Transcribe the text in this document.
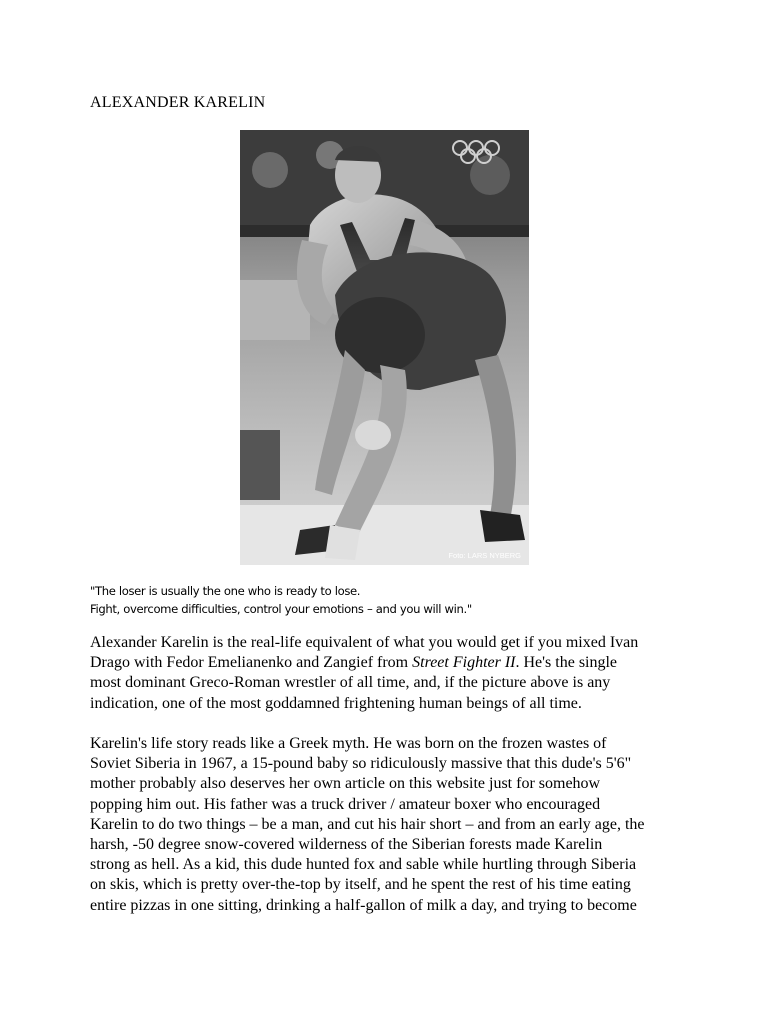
ALEXANDER KARELIN
Foto: LARS NYBERG
"The loser is usually the one who is ready to lose.
Fight, overcome difficulties, control your emotions – and you will win."
Alexander Karelin is the real-life equivalent of what you would get if you mixed Ivan
Drago with Fedor Emelianenko and Zangief from Street Fighter II. He's the single
most dominant Greco-Roman wrestler of all time, and, if the picture above is any
indication, one of the most goddamned frightening human beings of all time.
Karelin's life story reads like a Greek myth. He was born on the frozen wastes of
Soviet Siberia in 1967, a 15-pound baby so ridiculously massive that this dude's 5'6"
mother probably also deserves her own article on this website just for somehow
popping him out. His father was a truck driver / amateur boxer who encouraged
Karelin to do two things – be a man, and cut his hair short – and from an early age, the
harsh, -50 degree snow-covered wilderness of the Siberian forests made Karelin
strong as hell. As a kid, this dude hunted fox and sable while hurtling through Siberia
on skis, which is pretty over-the-top by itself, and he spent the rest of his time eating
entire pizzas in one sitting, drinking a half-gallon of milk a day, and trying to become
